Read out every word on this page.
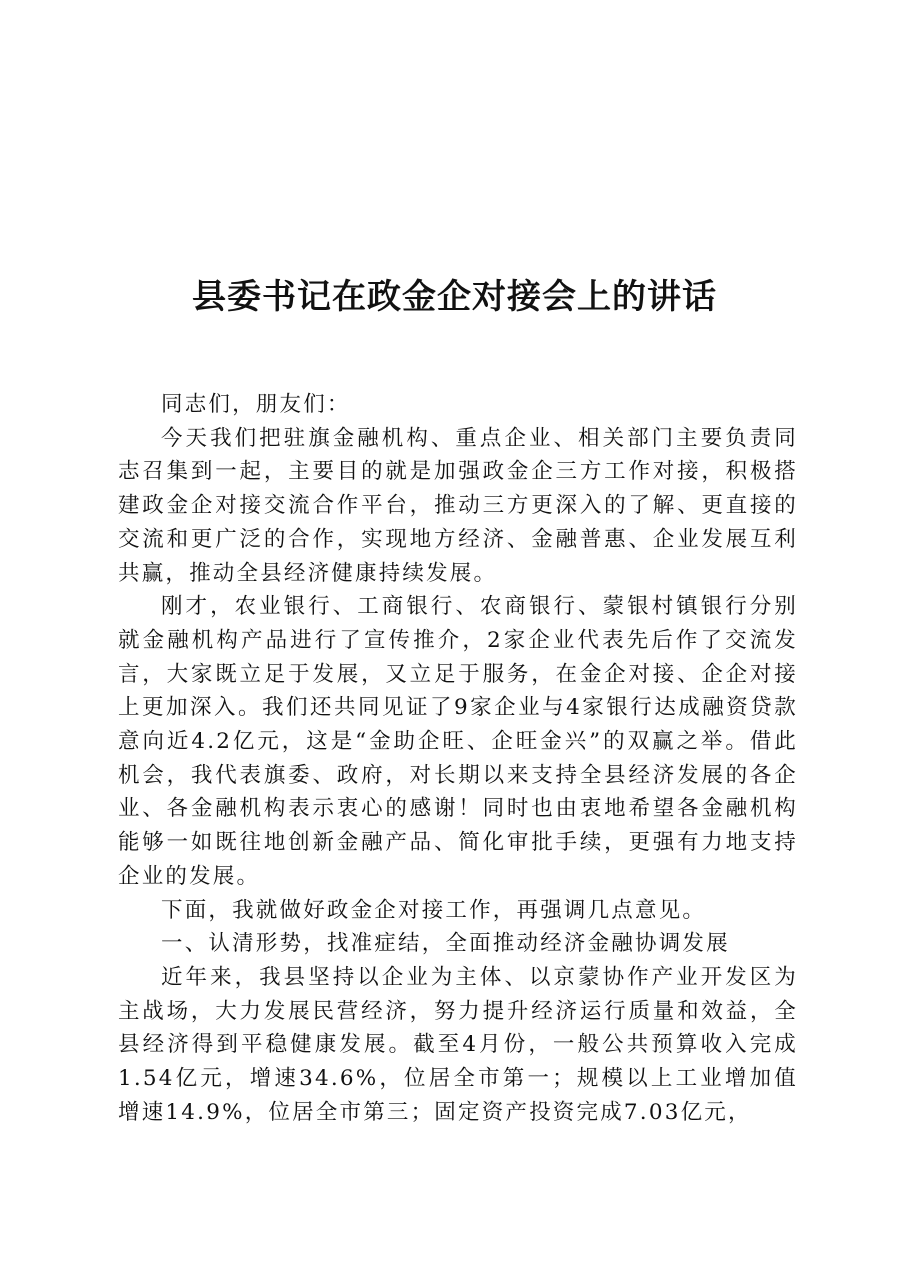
县委书记在政金企对接会上的讲话

同志们，朋友们：

今天我们把驻旗金融机构、重点企业、相关部门主要负责同志召集到一起，主要目的就是加强政金企三方工作对接，积极搭建政金企对接交流合作平台，推动三方更深入的了解、更直接的交流和更广泛的合作，实现地方经济、金融普惠、企业发展互利共赢，推动全县经济健康持续发展。

刚才，农业银行、工商银行、农商银行、蒙银村镇银行分别就金融机构产品进行了宣传推介，2家企业代表先后作了交流发言，大家既立足于发展，又立足于服务，在金企对接、企企对接上更加深入。我们还共同见证了9家企业与4家银行达成融资贷款意向近4.2亿元，这是“金助企旺、企旺金兴”的双赢之举。借此机会，我代表旗委、政府，对长期以来支持全县经济发展的各企业、各金融机构表示衷心的感谢！同时也由衷地希望各金融机构能够一如既往地创新金融产品、简化审批手续，更强有力地支持企业的发展。

下面，我就做好政金企对接工作，再强调几点意见。

一、认清形势，找准症结，全面推动经济金融协调发展

近年来，我县坚持以企业为主体、以京蒙协作产业开发区为主战场，大力发展民营经济，努力提升经济运行质量和效益，全县经济得到平稳健康发展。截至4月份，一般公共预算收入完成1.54亿元，增速34.6%，位居全市第一；规模以上工业增加值增速14.9%，位居全市第三；固定资产投资完成7.03亿元，
